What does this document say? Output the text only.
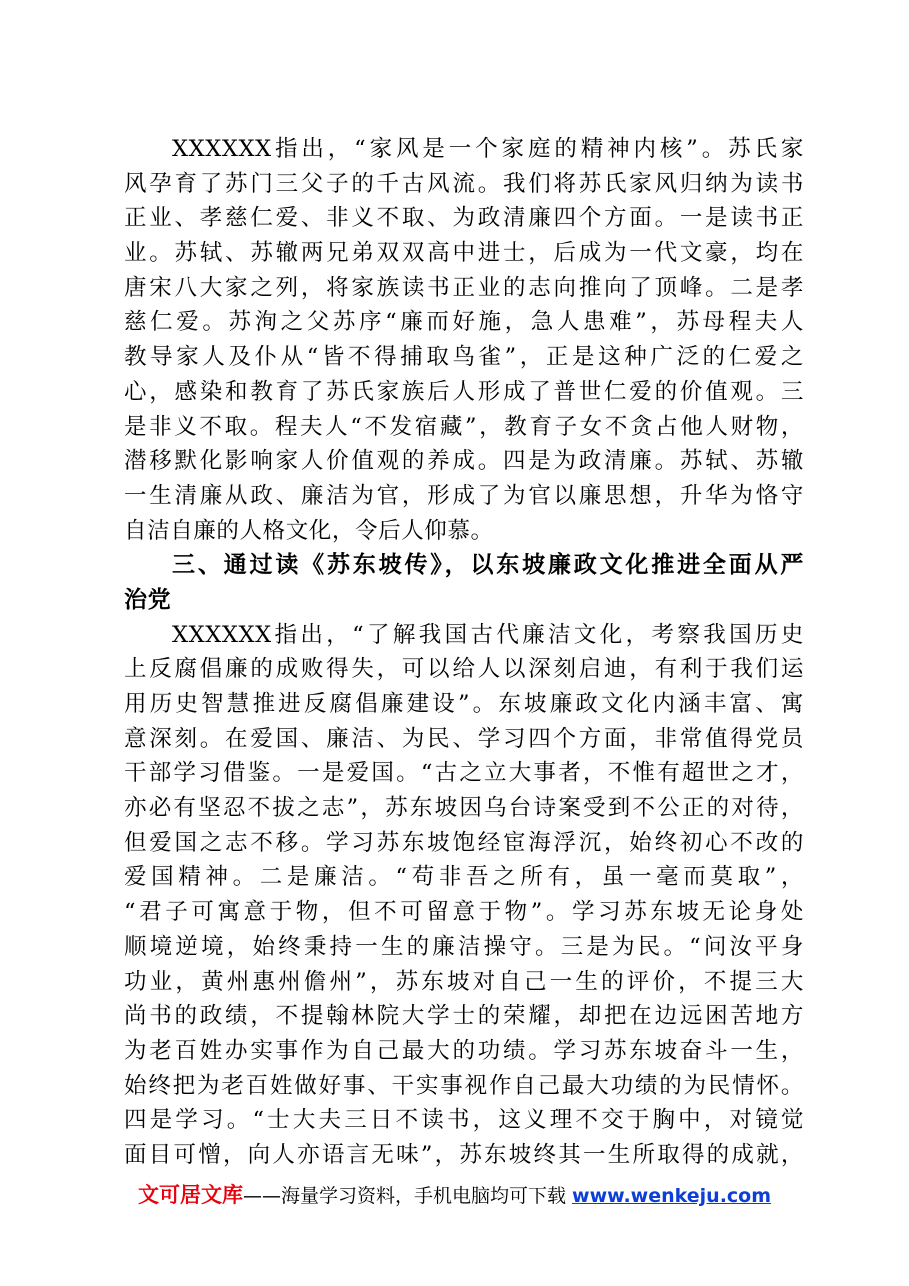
XXXXXX指出，“家风是一个家庭的精神内核”。苏氏家
风孕育了苏门三父子的千古风流。我们将苏氏家风归纳为读书
正业、孝慈仁爱、非义不取、为政清廉四个方面。一是读书正
业。苏轼、苏辙两兄弟双双高中进士，后成为一代文豪，均在
唐宋八大家之列，将家族读书正业的志向推向了顶峰。二是孝
慈仁爱。苏洵之父苏序“廉而好施，急人患难”，苏母程夫人
教导家人及仆从“皆不得捕取鸟雀”，正是这种广泛的仁爱之
心，感染和教育了苏氏家族后人形成了普世仁爱的价值观。三
是非义不取。程夫人“不发宿藏”，教育子女不贪占他人财物，
潜移默化影响家人价值观的养成。四是为政清廉。苏轼、苏辙
一生清廉从政、廉洁为官，形成了为官以廉思想，升华为恪守
自洁自廉的人格文化，令后人仰慕。
三、通过读《苏东坡传》，以东坡廉政文化推进全面从严
治党
XXXXXX指出，“了解我国古代廉洁文化，考察我国历史
上反腐倡廉的成败得失，可以给人以深刻启迪，有利于我们运
用历史智慧推进反腐倡廉建设”。东坡廉政文化内涵丰富、寓
意深刻。在爱国、廉洁、为民、学习四个方面，非常值得党员
干部学习借鉴。一是爱国。“古之立大事者，不惟有超世之才，
亦必有坚忍不拔之志”，苏东坡因乌台诗案受到不公正的对待，
但爱国之志不移。学习苏东坡饱经宦海浮沉，始终初心不改的
爱国精神。二是廉洁。“苟非吾之所有，虽一毫而莫取”，
“君子可寓意于物，但不可留意于物”。学习苏东坡无论身处
顺境逆境，始终秉持一生的廉洁操守。三是为民。“问汝平身
功业，黄州惠州儋州”，苏东坡对自己一生的评价，不提三大
尚书的政绩，不提翰林院大学士的荣耀，却把在边远困苦地方
为老百姓办实事作为自己最大的功绩。学习苏东坡奋斗一生，
始终把为老百姓做好事、干实事视作自己最大功绩的为民情怀。
四是学习。“士大夫三日不读书，这义理不交于胸中，对镜觉
面目可憎，向人亦语言无味”，苏东坡终其一生所取得的成就，
文可居文库——海量学习资料，手机电脑均可下载 www.wenkeju.com
